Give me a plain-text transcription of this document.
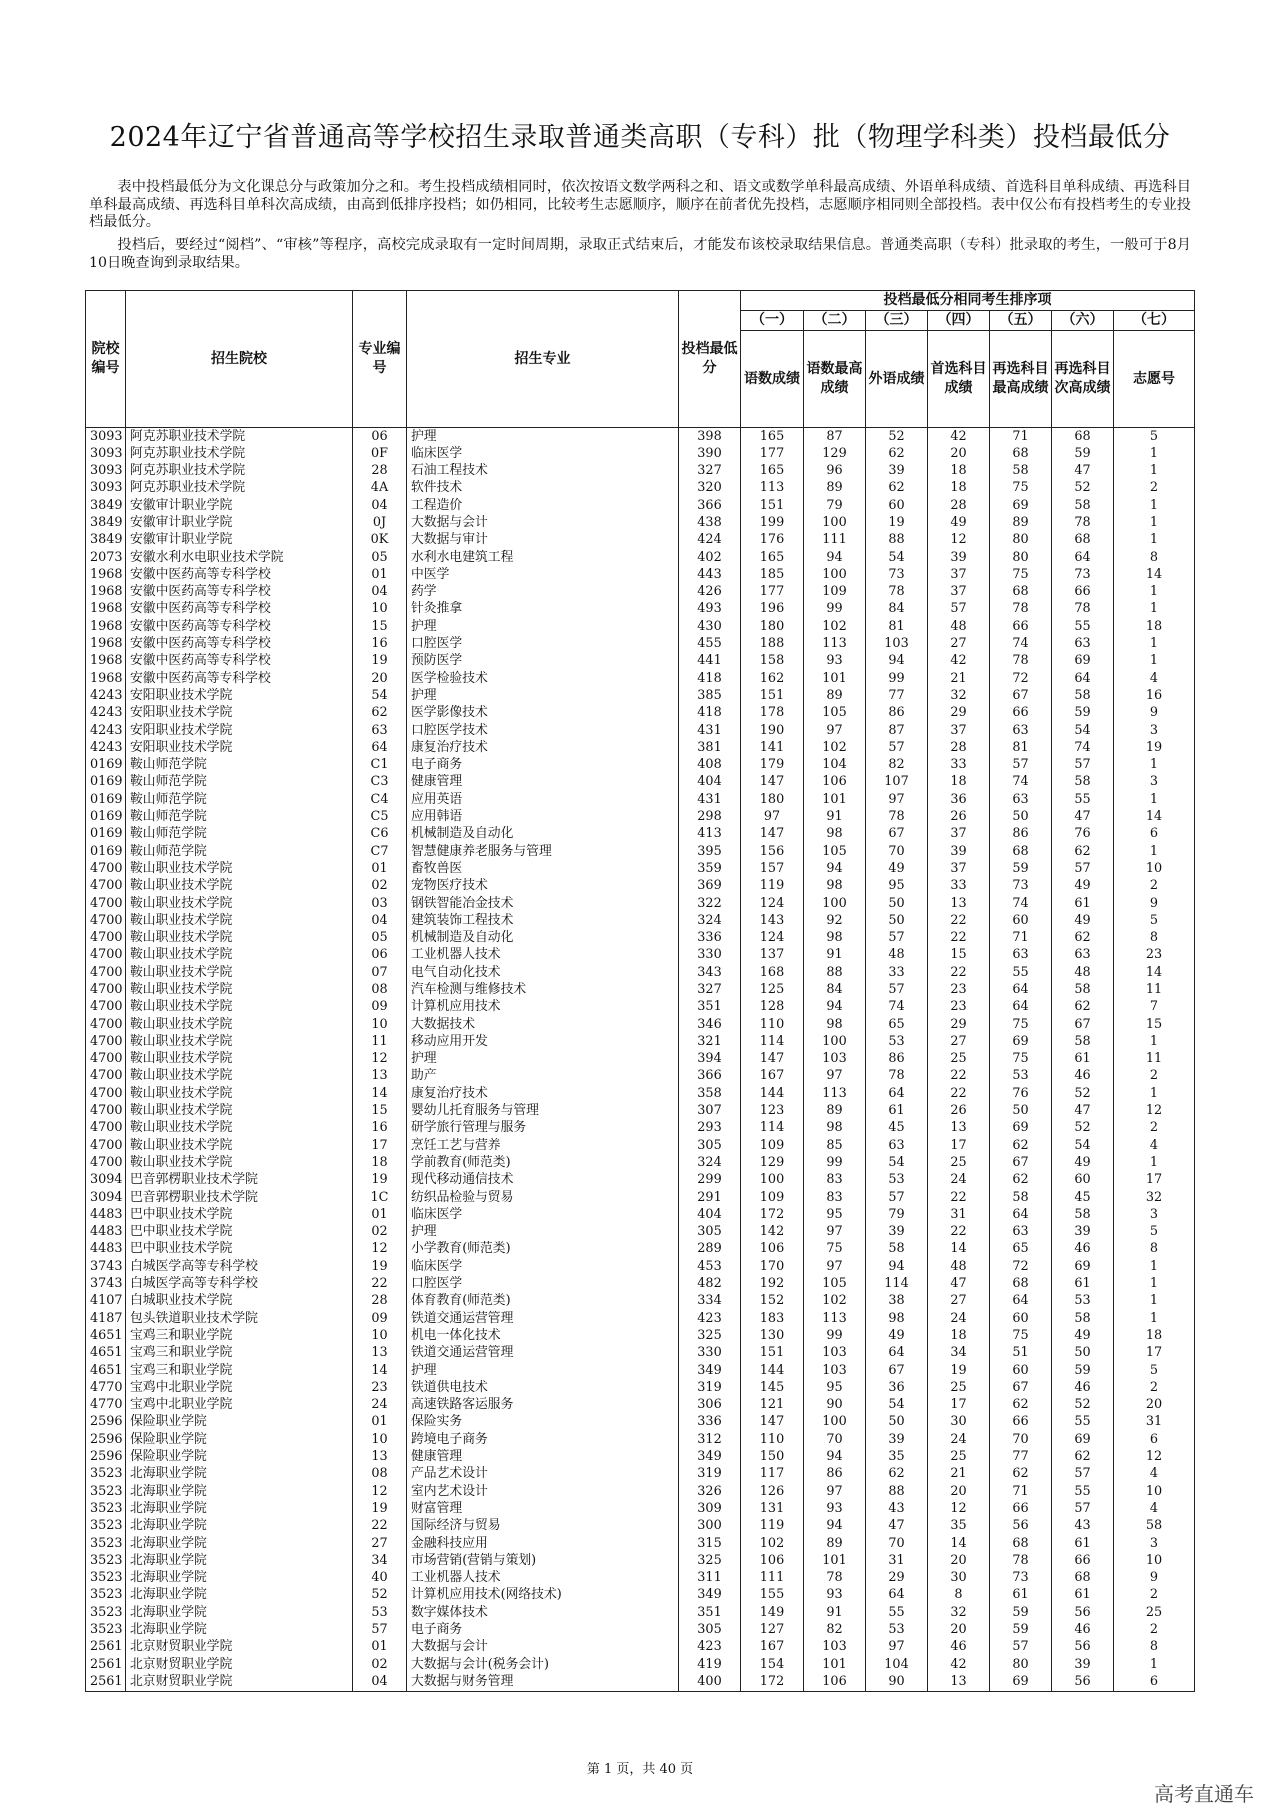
2024年辽宁省普通高等学校招生录取普通类高职（专科）批（物理学科类）投档最低分

表中投档最低分为文化课总分与政策加分之和。考生投档成绩相同时，依次按语文数学两科之和、语文或数学单科最高成绩、外语单科成绩、首选科目单科成绩、再选科目单科最高成绩、再选科目单科次高成绩，由高到低排序投档；如仍相同，比较考生志愿顺序，顺序在前者优先投档，志愿顺序相同则全部投档。表中仅公布有投档考生的专业投档最低分。

投档后，要经过“阅档”、“审核”等程序，高校完成录取有一定时间周期，录取正式结束后，才能发布该校录取结果信息。普通类高职（专科）批录取的考生，一般可于8月10日晚查询到录取结果。

院校编号	招生院校	专业编号	招生专业	投档最低分	投档最低分相同考生排序项						
					（一）	（二）	（三）	（四）	（五）	（六）	（七）
					语数成绩	语数最高成绩	外语成绩	首选科目成绩	再选科目最高成绩	再选科目次高成绩	志愿号
3093	阿克苏职业技术学院	06	护理	398	165	87	52	42	71	68	5
3093	阿克苏职业技术学院	0F	临床医学	390	177	129	62	20	68	59	1
3093	阿克苏职业技术学院	28	石油工程技术	327	165	96	39	18	58	47	1
3093	阿克苏职业技术学院	4A	软件技术	320	113	89	62	18	75	52	2
3849	安徽审计职业学院	04	工程造价	366	151	79	60	28	69	58	1
3849	安徽审计职业学院	0J	大数据与会计	438	199	100	19	49	89	78	1
3849	安徽审计职业学院	0K	大数据与审计	424	176	111	88	12	80	68	1
2073	安徽水利水电职业技术学院	05	水利水电建筑工程	402	165	94	54	39	80	64	8
1968	安徽中医药高等专科学校	01	中医学	443	185	100	73	37	75	73	14
1968	安徽中医药高等专科学校	04	药学	426	177	109	78	37	68	66	1
1968	安徽中医药高等专科学校	10	针灸推拿	493	196	99	84	57	78	78	1
1968	安徽中医药高等专科学校	15	护理	430	180	102	81	48	66	55	18
1968	安徽中医药高等专科学校	16	口腔医学	455	188	113	103	27	74	63	1
1968	安徽中医药高等专科学校	19	预防医学	441	158	93	94	42	78	69	1
1968	安徽中医药高等专科学校	20	医学检验技术	418	162	101	99	21	72	64	4
4243	安阳职业技术学院	54	护理	385	151	89	77	32	67	58	16
4243	安阳职业技术学院	62	医学影像技术	418	178	105	86	29	66	59	9
4243	安阳职业技术学院	63	口腔医学技术	431	190	97	87	37	63	54	3
4243	安阳职业技术学院	64	康复治疗技术	381	141	102	57	28	81	74	19
0169	鞍山师范学院	C1	电子商务	408	179	104	82	33	57	57	1
0169	鞍山师范学院	C3	健康管理	404	147	106	107	18	74	58	3
0169	鞍山师范学院	C4	应用英语	431	180	101	97	36	63	55	1
0169	鞍山师范学院	C5	应用韩语	298	97	91	78	26	50	47	14
0169	鞍山师范学院	C6	机械制造及自动化	413	147	98	67	37	86	76	6
0169	鞍山师范学院	C7	智慧健康养老服务与管理	395	156	105	70	39	68	62	1
4700	鞍山职业技术学院	01	畜牧兽医	359	157	94	49	37	59	57	10
4700	鞍山职业技术学院	02	宠物医疗技术	369	119	98	95	33	73	49	2
4700	鞍山职业技术学院	03	钢铁智能冶金技术	322	124	100	50	13	74	61	9
4700	鞍山职业技术学院	04	建筑装饰工程技术	324	143	92	50	22	60	49	5
4700	鞍山职业技术学院	05	机械制造及自动化	336	124	98	57	22	71	62	8
4700	鞍山职业技术学院	06	工业机器人技术	330	137	91	48	15	63	63	23
4700	鞍山职业技术学院	07	电气自动化技术	343	168	88	33	22	55	48	14
4700	鞍山职业技术学院	08	汽车检测与维修技术	327	125	84	57	23	64	58	11
4700	鞍山职业技术学院	09	计算机应用技术	351	128	94	74	23	64	62	7
4700	鞍山职业技术学院	10	大数据技术	346	110	98	65	29	75	67	15
4700	鞍山职业技术学院	11	移动应用开发	321	114	100	53	27	69	58	1
4700	鞍山职业技术学院	12	护理	394	147	103	86	25	75	61	11
4700	鞍山职业技术学院	13	助产	366	167	97	78	22	53	46	2
4700	鞍山职业技术学院	14	康复治疗技术	358	144	113	64	22	76	52	1
4700	鞍山职业技术学院	15	婴幼儿托育服务与管理	307	123	89	61	26	50	47	12
4700	鞍山职业技术学院	16	研学旅行管理与服务	293	114	98	45	13	69	52	2
4700	鞍山职业技术学院	17	烹饪工艺与营养	305	109	85	63	17	62	54	4
4700	鞍山职业技术学院	18	学前教育(师范类)	324	129	99	54	25	67	49	1
3094	巴音郭楞职业技术学院	19	现代移动通信技术	299	100	83	53	24	62	60	17
3094	巴音郭楞职业技术学院	1C	纺织品检验与贸易	291	109	83	57	22	58	45	32
4483	巴中职业技术学院	01	临床医学	404	172	95	79	31	64	58	3
4483	巴中职业技术学院	02	护理	305	142	97	39	22	63	39	5
4483	巴中职业技术学院	12	小学教育(师范类)	289	106	75	58	14	65	46	8
3743	白城医学高等专科学校	19	临床医学	453	170	97	94	48	72	69	1
3743	白城医学高等专科学校	22	口腔医学	482	192	105	114	47	68	61	1
4107	白城职业技术学院	28	体育教育(师范类)	334	152	102	38	27	64	53	1
4187	包头铁道职业技术学院	09	铁道交通运营管理	423	183	113	98	24	60	58	1
4651	宝鸡三和职业学院	10	机电一体化技术	325	130	99	49	18	75	49	18
4651	宝鸡三和职业学院	13	铁道交通运营管理	330	151	103	64	34	51	50	17
4651	宝鸡三和职业学院	14	护理	349	144	103	67	19	60	59	5
4770	宝鸡中北职业学院	23	铁道供电技术	319	145	95	36	25	67	46	2
4770	宝鸡中北职业学院	24	高速铁路客运服务	306	121	90	54	17	62	52	20
2596	保险职业学院	01	保险实务	336	147	100	50	30	66	55	31
2596	保险职业学院	10	跨境电子商务	312	110	70	39	24	70	69	6
2596	保险职业学院	13	健康管理	349	150	94	35	25	77	62	12
3523	北海职业学院	08	产品艺术设计	319	117	86	62	21	62	57	4
3523	北海职业学院	12	室内艺术设计	326	126	97	88	20	71	55	10
3523	北海职业学院	19	财富管理	309	131	93	43	12	66	57	4
3523	北海职业学院	22	国际经济与贸易	300	119	94	47	35	56	43	58
3523	北海职业学院	27	金融科技应用	315	102	89	70	14	68	61	3
3523	北海职业学院	34	市场营销(营销与策划)	325	106	101	31	20	78	66	10
3523	北海职业学院	40	工业机器人技术	311	111	78	29	30	73	68	9
3523	北海职业学院	52	计算机应用技术(网络技术)	349	155	93	64	8	61	61	2
3523	北海职业学院	53	数字媒体技术	351	149	91	55	32	59	56	25
3523	北海职业学院	57	电子商务	305	127	82	53	20	59	46	2
2561	北京财贸职业学院	01	大数据与会计	423	167	103	97	46	57	56	8
2561	北京财贸职业学院	02	大数据与会计(税务会计)	419	154	101	104	42	80	39	1
2561	北京财贸职业学院	04	大数据与财务管理	400	172	106	90	13	69	56	6
第 1 页，共 40 页
高考直通车
